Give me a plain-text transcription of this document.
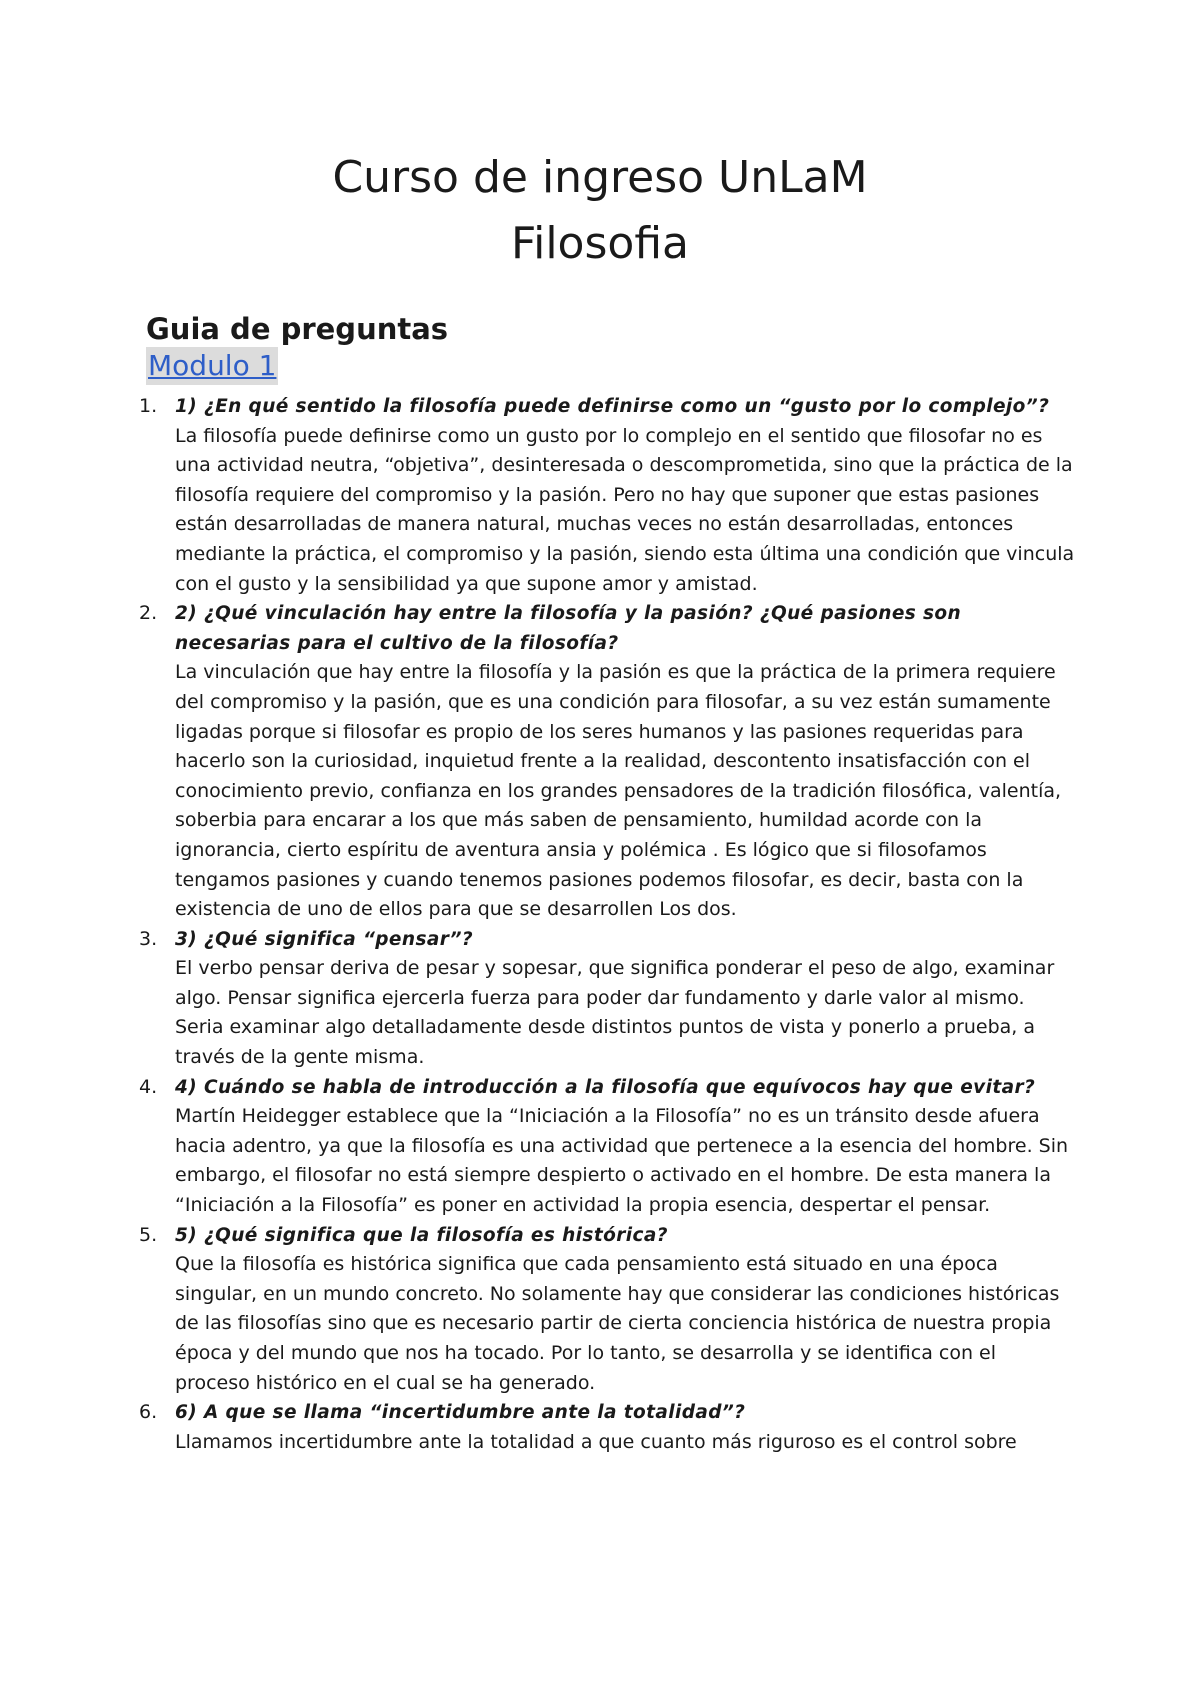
Curso de ingreso UnLaM
Filosofia
Guia de preguntas
Modulo 1
1. 1) ¿En qué sentido la filosofía puede definirse como un “gusto por lo complejo”?
La filosofía puede definirse como un gusto por lo complejo en el sentido que filosofar no es una actividad neutra, “objetiva”, desinteresada o descomprometida, sino que la práctica de la filosofía requiere del compromiso y la pasión. Pero no hay que suponer que estas pasiones están desarrolladas de manera natural, muchas veces no están desarrolladas, entonces mediante la práctica, el compromiso y la pasión, siendo esta última una condición que vincula con el gusto y la sensibilidad ya que supone amor y amistad.
2. 2) ¿Qué vinculación hay entre la filosofía y la pasión? ¿Qué pasiones son necesarias para el cultivo de la filosofía?
La vinculación que hay entre la filosofía y la pasión es que la práctica de la primera requiere del compromiso y la pasión, que es una condición para filosofar, a su vez están sumamente ligadas porque si filosofar es propio de los seres humanos y las pasiones requeridas para hacerlo son la curiosidad, inquietud frente a la realidad, descontento insatisfacción con el conocimiento previo, confianza en los grandes pensadores de la tradición filosófica, valentía, soberbia para encarar a los que más saben de pensamiento, humildad acorde con la ignorancia, cierto espíritu de aventura ansia y polémica . Es lógico que si filosofamos tengamos pasiones y cuando tenemos pasiones podemos filosofar, es decir, basta con la existencia de uno de ellos para que se desarrollen Los dos.
3. 3) ¿Qué significa “pensar”?
El verbo pensar deriva de pesar y sopesar, que significa ponderar el peso de algo, examinar algo. Pensar significa ejercerla fuerza para poder dar fundamento y darle valor al mismo. Seria examinar algo detalladamente desde distintos puntos de vista y ponerlo a prueba, a través de la gente misma.
4. 4) Cuándo se habla de introducción a la filosofía que equívocos hay que evitar?
Martín Heidegger establece que la “Iniciación a la Filosofía” no es un tránsito desde afuera hacia adentro, ya que la filosofía es una actividad que pertenece a la esencia del hombre. Sin embargo, el filosofar no está siempre despierto o activado en el hombre. De esta manera la “Iniciación a la Filosofía” es poner en actividad la propia esencia, despertar el pensar.
5. 5) ¿Qué significa que la filosofía es histórica?
Que la filosofía es histórica significa que cada pensamiento está situado en una época singular, en un mundo concreto. No solamente hay que considerar las condiciones históricas de las filosofías sino que es necesario partir de cierta conciencia histórica de nuestra propia época y del mundo que nos ha tocado. Por lo tanto, se desarrolla y se identifica con el proceso histórico en el cual se ha generado.
6. 6) A que se llama “incertidumbre ante la totalidad”?
Llamamos incertidumbre ante la totalidad a que cuanto más riguroso es el control sobre
